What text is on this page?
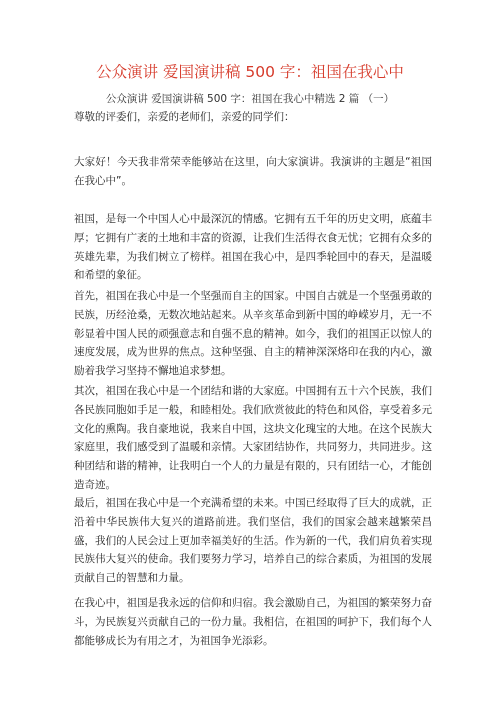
公众演讲 爱国演讲稿 500 字：祖国在我心中

公众演讲 爱国演讲稿 500 字：祖国在我心中精选 2 篇 （一）

尊敬的评委们，亲爱的老师们，亲爱的同学们：

大家好！今天我非常荣幸能够站在这里，向大家演讲。我演讲的主题是“祖国在我心中”。

祖国，是每一个中国人心中最深沉的情感。它拥有五千年的历史文明，底蕴丰厚；它拥有广袤的土地和丰富的资源，让我们生活得衣食无忧；它拥有众多的英雄先辈，为我们树立了榜样。祖国在我心中，是四季轮回中的春天，是温暖和希望的象征。

首先，祖国在我心中是一个坚强而自主的国家。中国自古就是一个坚强勇敢的民族，历经沧桑，无数次地站起来。从辛亥革命到新中国的峥嵘岁月，无一不彰显着中国人民的顽强意志和自强不息的精神。如今，我们的祖国正以惊人的速度发展，成为世界的焦点。这种坚强、自主的精神深深烙印在我的内心，激励着我学习坚持不懈地追求梦想。

其次，祖国在我心中是一个团结和谐的大家庭。中国拥有五十六个民族，我们各民族同胞如手足一般，和睦相处。我们欣赏彼此的特色和风俗，享受着多元文化的熏陶。我自豪地说，我来自中国，这块文化瑰宝的大地。在这个民族大家庭里，我们感受到了温暖和亲情。大家团结协作，共同努力，共同进步。这种团结和谐的精神，让我明白一个人的力量是有限的，只有团结一心，才能创造奇迹。

最后，祖国在我心中是一个充满希望的未来。中国已经取得了巨大的成就，正沿着中华民族伟大复兴的道路前进。我们坚信，我们的国家会越来越繁荣昌盛，我们的人民会过上更加幸福美好的生活。作为新的一代，我们肩负着实现民族伟大复兴的使命。我们要努力学习，培养自己的综合素质，为祖国的发展贡献自己的智慧和力量。

在我心中，祖国是我永远的信仰和归宿。我会激励自己，为祖国的繁荣努力奋斗，为民族复兴贡献自己的一份力量。我相信，在祖国的呵护下，我们每个人都能够成长为有用之才，为祖国争光添彩。
